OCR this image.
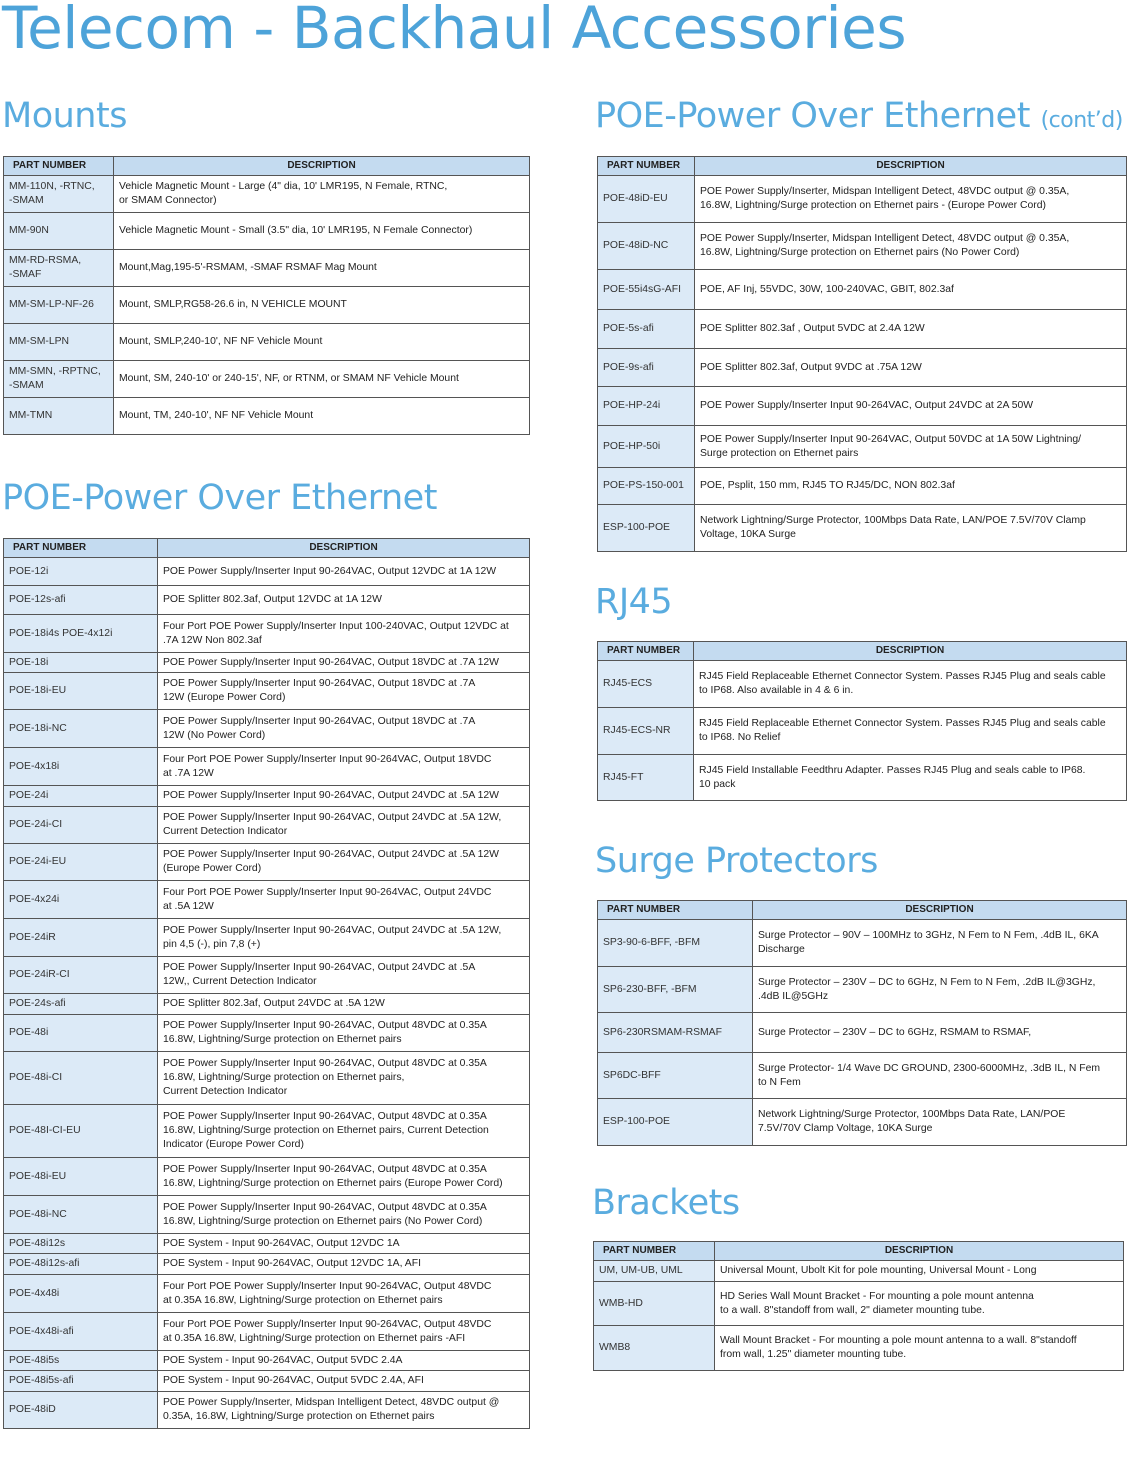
Telecom - Backhaul Accessories
Mounts
PART NUMBER	DESCRIPTION
MM-110N, -RTNC,
-SMAM	Vehicle Magnetic Mount - Large (4" dia, 10' LMR195, N Female, RTNC,
or SMAM Connector)
MM-90N	Vehicle Magnetic Mount - Small (3.5" dia, 10' LMR195, N Female Connector)
MM-RD-RSMA,
-SMAF	Mount,Mag,195-5'-RSMAM, -SMAF RSMAF Mag Mount
MM-SM-LP-NF-26	Mount, SMLP,RG58-26.6 in, N VEHICLE MOUNT
MM-SM-LPN	Mount, SMLP,240-10', NF NF Vehicle Mount
MM-SMN, -RPTNC,
-SMAM	Mount, SM, 240-10' or 240-15', NF, or RTNM, or SMAM NF Vehicle Mount
MM-TMN	Mount, TM, 240-10', NF NF Vehicle Mount
POE-Power Over Ethernet
PART NUMBER	DESCRIPTION
POE-12i	POE Power Supply/Inserter Input 90-264VAC, Output 12VDC at 1A 12W
POE-12s-afi	POE Splitter 802.3af, Output 12VDC at 1A 12W
POE-18i4s POE-4x12i	Four Port POE Power Supply/Inserter Input 100-240VAC, Output 12VDC at .7A 12W Non 802.3af
POE-18i	POE Power Supply/Inserter Input 90-264VAC, Output 18VDC at .7A 12W
POE-18i-EU	POE Power Supply/Inserter Input 90-264VAC, Output 18VDC at .7A
12W (Europe Power Cord)
POE-18i-NC	POE Power Supply/Inserter Input 90-264VAC, Output 18VDC at .7A
12W (No Power Cord)
POE-4x18i	Four Port POE Power Supply/Inserter Input 90-264VAC, Output 18VDC
at .7A 12W
POE-24i	POE Power Supply/Inserter Input 90-264VAC, Output 24VDC at .5A 12W
POE-24i-CI	POE Power Supply/Inserter Input 90-264VAC, Output 24VDC at .5A 12W,
Current Detection Indicator
POE-24i-EU	POE Power Supply/Inserter Input 90-264VAC, Output 24VDC at .5A 12W
(Europe Power Cord)
POE-4x24i	Four Port POE Power Supply/Inserter Input 90-264VAC, Output 24VDC
at .5A 12W
POE-24iR	POE Power Supply/Inserter Input 90-264VAC, Output 24VDC at .5A 12W,
pin 4,5 (-), pin 7,8 (+)
POE-24iR-CI	POE Power Supply/Inserter Input 90-264VAC, Output 24VDC at .5A
12W,, Current Detection Indicator
POE-24s-afi	POE Splitter 802.3af, Output 24VDC at .5A 12W
POE-48i	POE Power Supply/Inserter Input 90-264VAC, Output 48VDC at 0.35A
16.8W, Lightning/Surge protection on Ethernet pairs
POE-48i-CI	POE Power Supply/Inserter Input 90-264VAC, Output 48VDC at 0.35A
16.8W, Lightning/Surge protection on Ethernet pairs,
Current Detection Indicator
POE-48I-CI-EU	POE Power Supply/Inserter Input 90-264VAC, Output 48VDC at 0.35A
16.8W, Lightning/Surge protection on Ethernet pairs, Current Detection
Indicator (Europe Power Cord)
POE-48i-EU	POE Power Supply/Inserter Input 90-264VAC, Output 48VDC at 0.35A
16.8W, Lightning/Surge protection on Ethernet pairs (Europe Power Cord)
POE-48i-NC	POE Power Supply/Inserter Input 90-264VAC, Output 48VDC at 0.35A
16.8W, Lightning/Surge protection on Ethernet pairs (No Power Cord)
POE-48i12s	POE System - Input 90-264VAC, Output 12VDC 1A
POE-48i12s-afi	POE System - Input 90-264VAC, Output 12VDC 1A, AFI
POE-4x48i	Four Port POE Power Supply/Inserter Input 90-264VAC, Output 48VDC
at 0.35A 16.8W, Lightning/Surge protection on Ethernet pairs
POE-4x48i-afi	Four Port POE Power Supply/Inserter Input 90-264VAC, Output 48VDC
at 0.35A 16.8W, Lightning/Surge protection on Ethernet pairs -AFI
POE-48i5s	POE System - Input 90-264VAC, Output 5VDC 2.4A
POE-48i5s-afi	POE System - Input 90-264VAC, Output 5VDC 2.4A, AFI
POE-48iD	POE Power Supply/Inserter, Midspan Intelligent Detect, 48VDC output @
0.35A, 16.8W, Lightning/Surge protection on Ethernet pairs
POE-Power Over Ethernet (cont’d)
PART NUMBER	DESCRIPTION
POE-48iD-EU	POE Power Supply/Inserter, Midspan Intelligent Detect, 48VDC output @ 0.35A,
16.8W, Lightning/Surge protection on Ethernet pairs - (Europe Power Cord)
POE-48iD-NC	POE Power Supply/Inserter, Midspan Intelligent Detect, 48VDC output @ 0.35A,
16.8W, Lightning/Surge protection on Ethernet pairs (No Power Cord)
POE-55i4sG-AFI	POE, AF Inj, 55VDC, 30W, 100-240VAC, GBIT, 802.3af
POE-5s-afi	POE Splitter 802.3af , Output 5VDC at 2.4A 12W
POE-9s-afi	POE Splitter 802.3af, Output 9VDC at .75A 12W
POE-HP-24i	POE Power Supply/Inserter Input 90-264VAC, Output 24VDC at 2A 50W
POE-HP-50i	POE Power Supply/Inserter Input 90-264VAC, Output 50VDC at 1A 50W Lightning/
Surge protection on Ethernet pairs
POE-PS-150-001	POE, Psplit, 150 mm, RJ45 TO RJ45/DC, NON 802.3af
ESP-100-POE	Network Lightning/Surge Protector, 100Mbps Data Rate, LAN/POE 7.5V/70V Clamp
Voltage, 10KA Surge
RJ45
PART NUMBER	DESCRIPTION
RJ45-ECS	RJ45 Field Replaceable Ethernet Connector System. Passes RJ45 Plug and seals cable
to IP68. Also available in 4 & 6 in.
RJ45-ECS-NR	RJ45 Field Replaceable Ethernet Connector System. Passes RJ45 Plug and seals cable
to IP68. No Relief
RJ45-FT	RJ45 Field Installable Feedthru Adapter. Passes RJ45 Plug and seals cable to IP68.
10 pack
Surge Protectors
PART NUMBER	DESCRIPTION
SP3-90-6-BFF, -BFM	Surge Protector – 90V – 100MHz to 3GHz, N Fem to N Fem, .4dB IL, 6KA
Discharge
SP6-230-BFF, -BFM	Surge Protector – 230V – DC to 6GHz, N Fem to N Fem, .2dB IL@3GHz,
.4dB IL@5GHz
SP6-230RSMAM-RSMAF	Surge Protector – 230V – DC to 6GHz, RSMAM to RSMAF,
SP6DC-BFF	Surge Protector- 1/4 Wave DC GROUND, 2300-6000MHz, .3dB IL, N Fem
to N Fem
ESP-100-POE	Network Lightning/Surge Protector, 100Mbps Data Rate, LAN/POE
7.5V/70V Clamp Voltage, 10KA Surge
Brackets
PART NUMBER	DESCRIPTION
UM, UM-UB, UML	Universal Mount, Ubolt Kit for pole mounting, Universal Mount - Long
WMB-HD	HD Series Wall Mount Bracket - For mounting a pole mount antenna
to a wall. 8"standoff from wall, 2" diameter mounting tube.
WMB8	Wall Mount Bracket - For mounting a pole mount antenna to a wall. 8"standoff
from wall, 1.25" diameter mounting tube.
